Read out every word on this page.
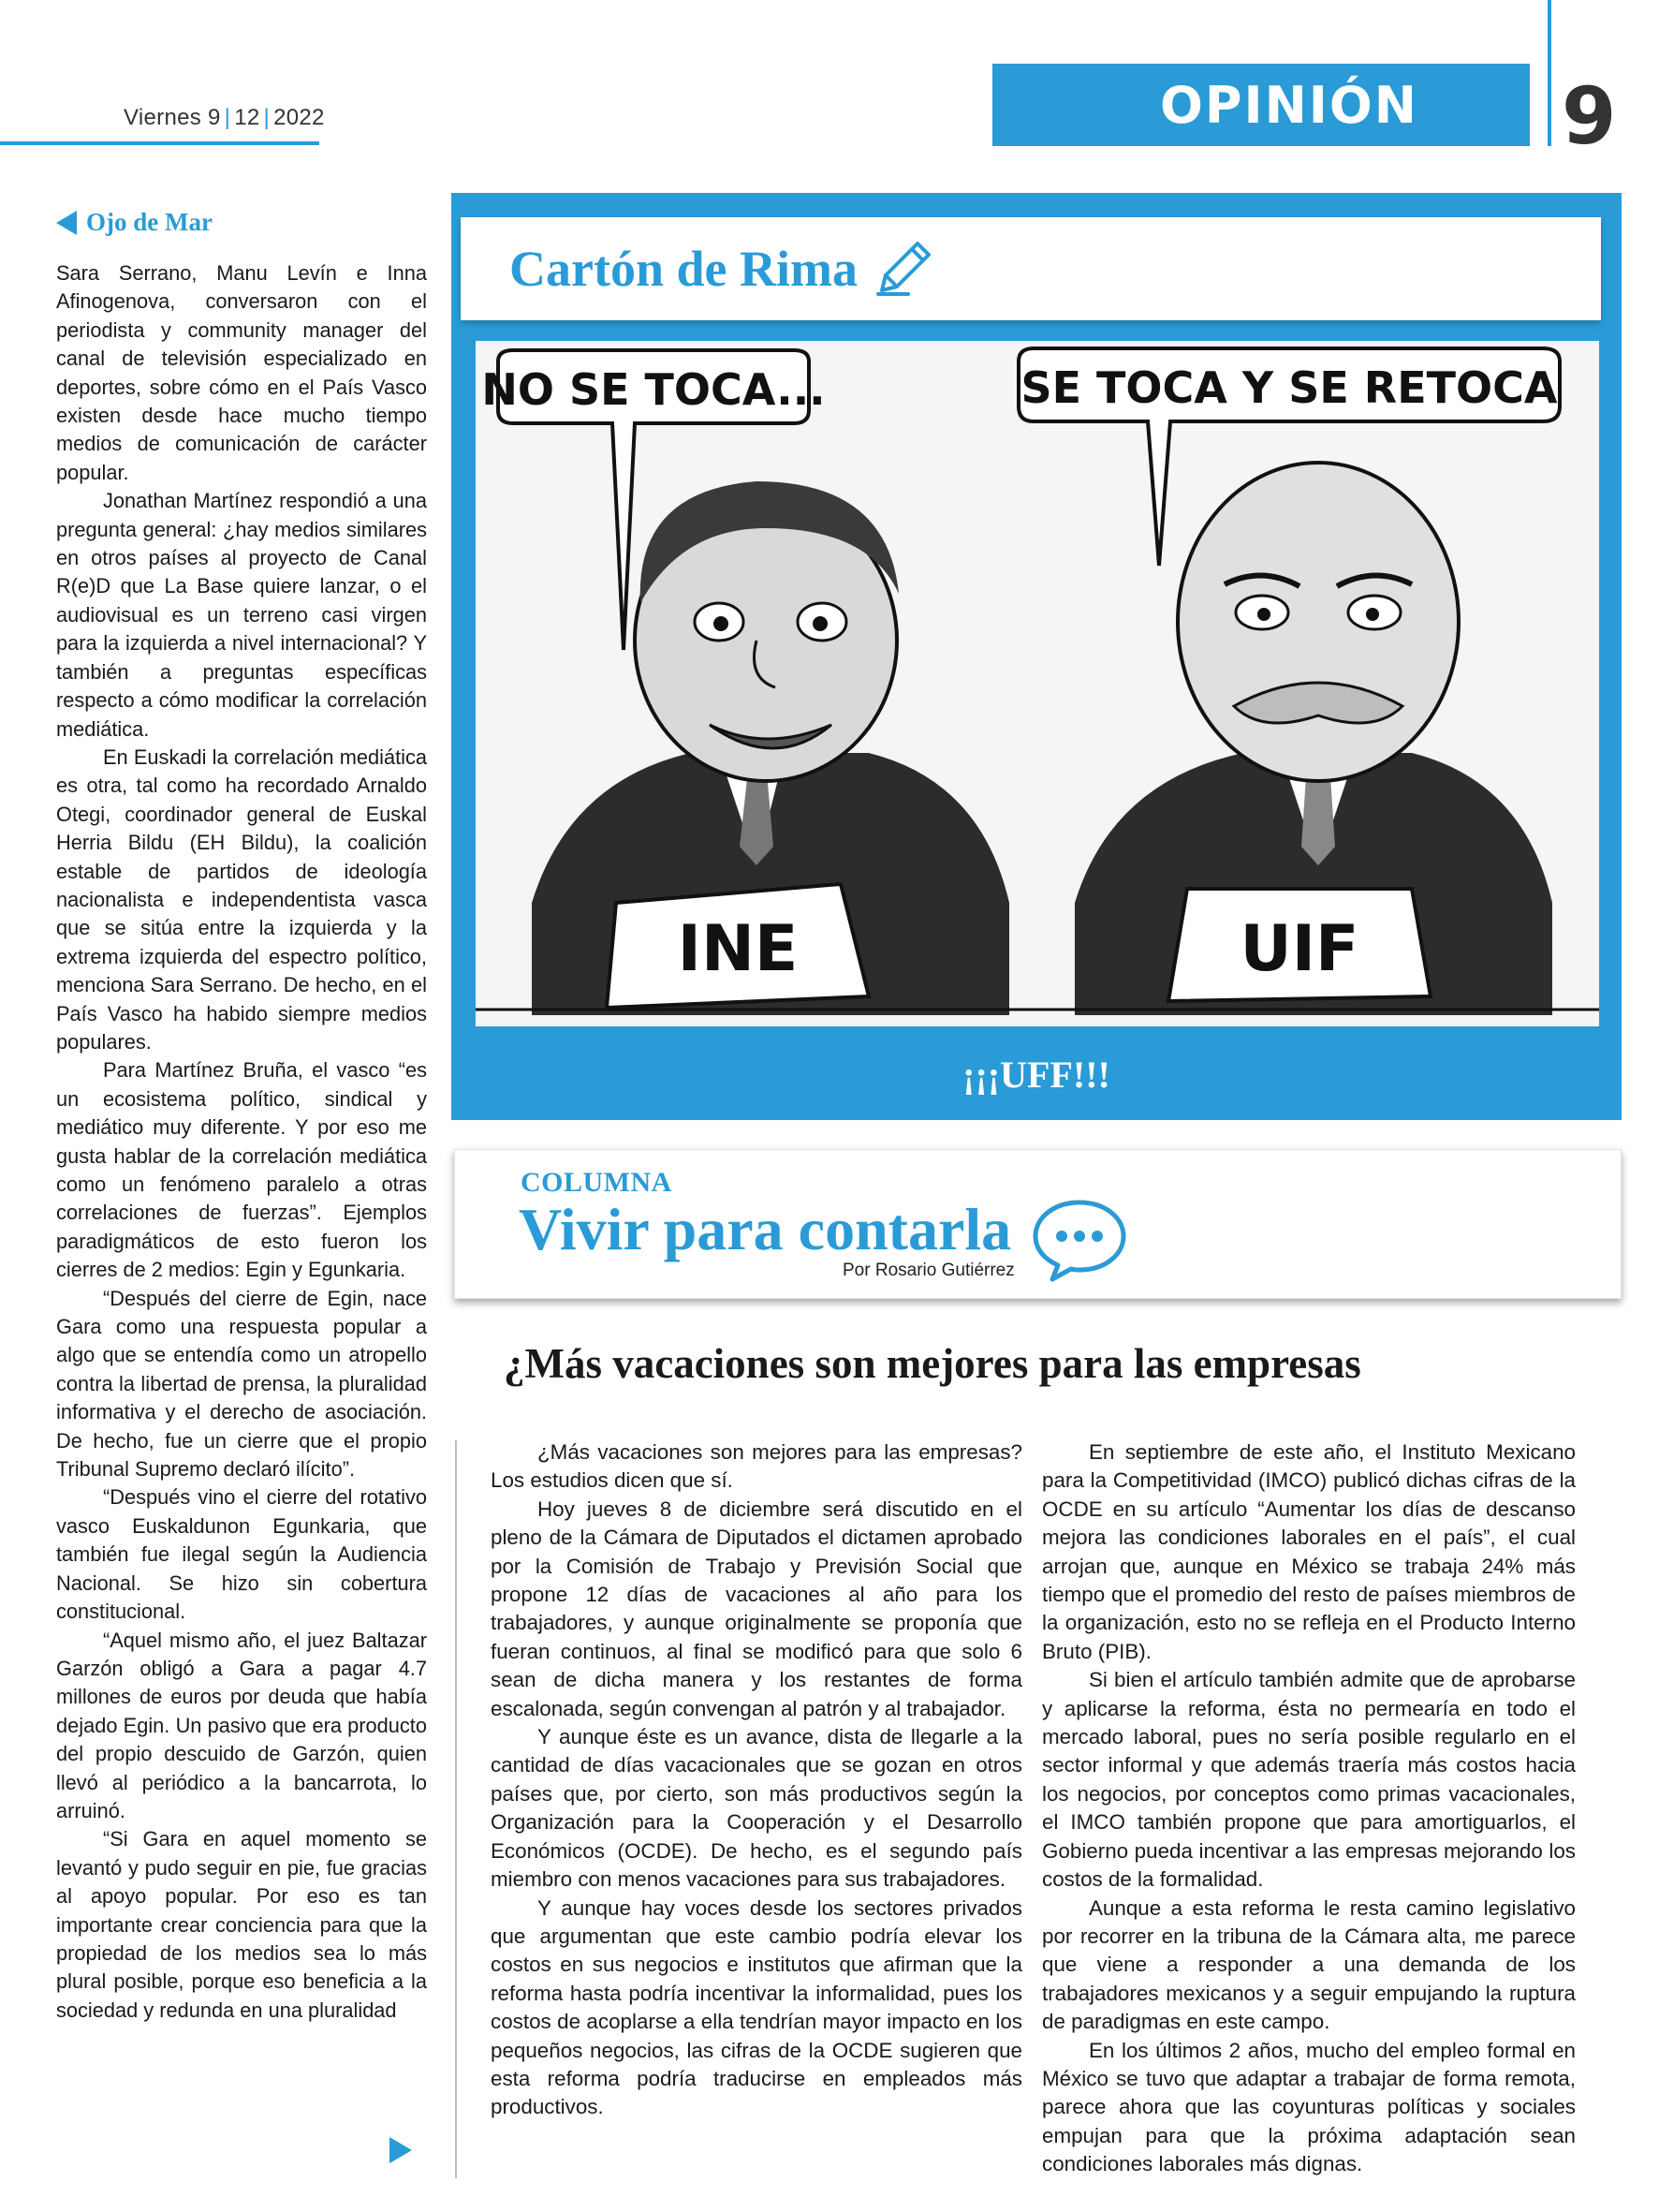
Viernes 9 | 12 | 2022	OPINIÓN 9
Ojo de Mar

Sara Serrano, Manu Levín e Inna Afinogenova, conversaron con el periodista y community manager del canal de televisión especializado en deportes, sobre cómo en el País Vasco existen desde hace mucho tiempo medios de comunicación de carácter popular.

Jonathan Martínez respondió a una pregunta general: ¿hay medios similares en otros países al proyecto de Canal R(e)D que La Base quiere lanzar, o el audiovisual es un terreno casi virgen para la izquierda a nivel internacional? Y también a preguntas específicas respecto a cómo modificar la correlación mediática.

En Euskadi la correlación mediática es otra, tal como ha recordado Arnaldo Otegi, coordinador general de Euskal Herria Bildu (EH Bildu), la coalición estable de partidos de ideología nacionalista e independentista vasca que se sitúa entre la izquierda y la extrema izquierda del espectro político, menciona Sara Serrano. De hecho, en el País Vasco ha habido siempre medios populares.

Para Martínez Bruña, el vasco “es un ecosistema político, sindical y mediático muy diferente. Y por eso me gusta hablar de la correlación mediática como un fenómeno paralelo a otras correlaciones de fuerzas”. Ejemplos paradigmáticos de esto fueron los cierres de 2 medios: Egin y Egunkaria.

“Después del cierre de Egin, nace Gara como una respuesta popular a algo que se entendía como un atropello contra la libertad de prensa, la pluralidad informativa y el derecho de asociación. De hecho, fue un cierre que el propio Tribunal Supremo declaró ilícito”.

“Después vino el cierre del rotativo vasco Euskaldunon Egunkaria, que también fue ilegal según la Audiencia Nacional. Se hizo sin cobertura constitucional.

“Aquel mismo año, el juez Baltazar Garzón obligó a Gara a pagar 4.7 millones de euros por deuda que había dejado Egin. Un pasivo que era producto del propio descuido de Garzón, quien llevó al periódico a la bancarrota, lo arruinó.

“Si Gara en aquel momento se levantó y pudo seguir en pie, fue gracias al apoyo popular. Por eso es tan importante crear conciencia para que la propiedad de los medios sea lo más plural posible, porque eso beneficia a la sociedad y redunda en una pluralidad

Cartón de Rima
NO SE TOCA...	SE TOCA Y SE RETOCA
INE	UIF
¡¡¡UFF!!!
COLUMNA
Vivir para contarla
Por Rosario Gutiérrez
¿Más vacaciones son mejores para las empresas

¿Más vacaciones son mejores para las empresas? Los estudios dicen que sí.

Hoy jueves 8 de diciembre será discutido en el pleno de la Cámara de Diputados el dictamen aprobado por la Comisión de Trabajo y Previsión Social que propone 12 días de vacaciones al año para los trabajadores, y aunque originalmente se proponía que fueran continuos, al final se modificó para que solo 6 sean de dicha manera y los restantes de forma escalonada, según convengan al patrón y al trabajador.

Y aunque éste es un avance, dista de llegarle a la cantidad de días vacacionales que se gozan en otros países que, por cierto, son más productivos según la Organización para la Cooperación y el Desarrollo Económicos (OCDE). De hecho, es el segundo país miembro con menos vacaciones para sus trabajadores.

Y aunque hay voces desde los sectores privados que argumentan que este cambio podría elevar los costos en sus negocios e institutos que afirman que la reforma hasta podría incentivar la informalidad, pues los costos de acoplarse a ella tendrían mayor impacto en los pequeños negocios, las cifras de la OCDE sugieren que esta reforma podría traducirse en empleados más productivos.

En septiembre de este año, el Instituto Mexicano para la Competitividad (IMCO) publicó dichas cifras de la OCDE en su artículo “Aumentar los días de descanso mejora las condiciones laborales en el país”, el cual arrojan que, aunque en México se trabaja 24% más tiempo que el promedio del resto de países miembros de la organización, esto no se refleja en el Producto Interno Bruto (PIB).

Si bien el artículo también admite que de aprobarse y aplicarse la reforma, ésta no permearía en todo el mercado laboral, pues no sería posible regularlo en el sector informal y que además traería más costos hacia los negocios, por conceptos como primas vacacionales, el IMCO también propone que para amortiguarlos, el Gobierno pueda incentivar a las empresas mejorando los costos de la formalidad.

Aunque a esta reforma le resta camino legislativo por recorrer en la tribuna de la Cámara alta, me parece que viene a responder a una demanda de los trabajadores mexicanos y a seguir empujando la ruptura de paradigmas en este campo.

En los últimos 2 años, mucho del empleo formal en México se tuvo que adaptar a trabajar de forma remota, parece ahora que las coyunturas políticas y sociales empujan para que la próxima adaptación sean condiciones laborales más dignas.
